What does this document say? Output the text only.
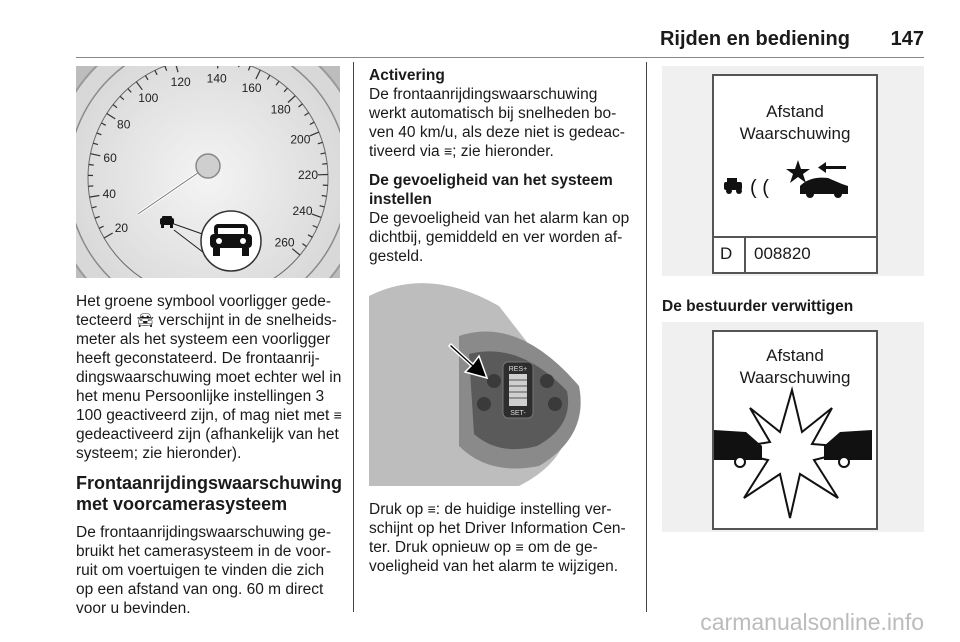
Rijden en bediening 147
20
40
60
80
100
120 140
160
180
200
220
240
260

Het groene symbool voorligger gede-tecteerd 🚘︎ verschijnt in de snelheids-meter als het systeem een voorligger heeft geconstateerd. De frontaanrij-dingswaarschuwing moet echter wel in het menu Persoonlijke instellingen 3 100 geactiveerd zijn, of mag niet met ≡ gedeactiveerd zijn (afhankelijk van het systeem; zie hieronder).

Frontaanrijdingswaarschuwing met voorcamerasysteem

De frontaanrijdingswaarschuwing ge-bruikt het camerasysteem in de voor-ruit om voertuigen te vinden die zich op een afstand van ong. 60 m direct voor u bevinden.

Activering

De frontaanrijdingswaarschuwing werkt automatisch bij snelheden bo-ven 40 km/u, als deze niet is gedeac-tiveerd via ≡; zie hieronder.

De gevoeligheid van het systeem instellen

De gevoeligheid van het alarm kan op dichtbij, gemiddeld en ver worden af-gesteld.

RES+
SET-

Druk op ≡: de huidige instelling ver-schijnt op het Driver Information Cen-ter. Druk opnieuw op ≡ om de ge-voeligheid van het alarm te wijzigen.

Afstand
Waarschuwing
( (
D 008820
De bestuurder verwittigen
Afstand
Waarschuwing
carmanualsonline.info
